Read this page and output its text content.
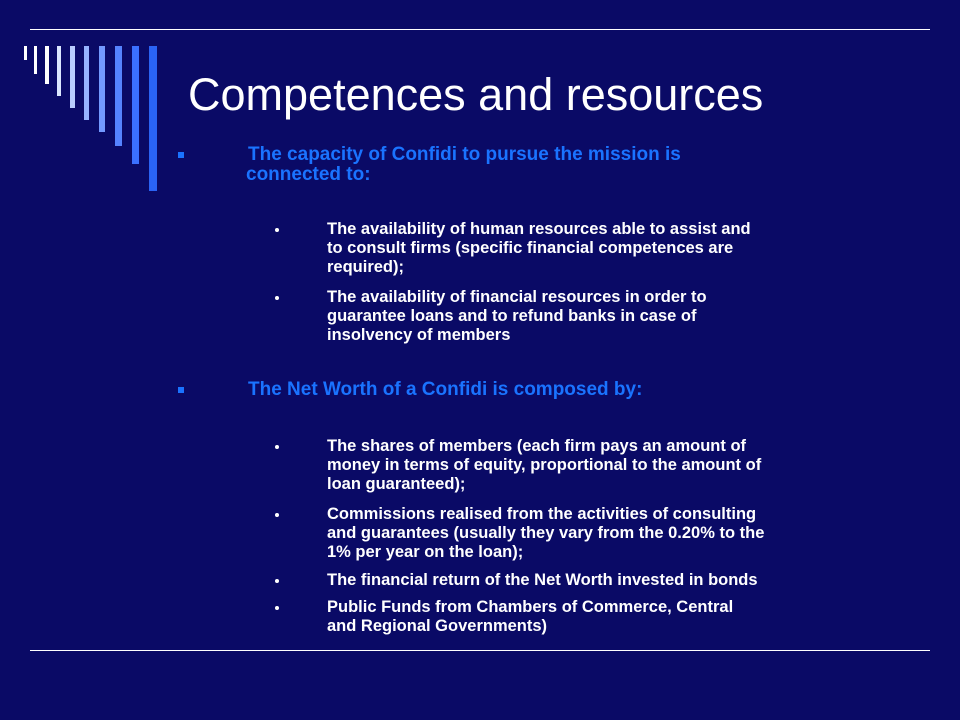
Competences and resources
The capacity of Confidi to pursue the mission is

connected to:
The availability of human resources able to assist and
to consult firms (specific financial competences are
required);
The availability of financial resources in order to
guarantee loans and to refund banks in case of
insolvency of members
The Net Worth of a Confidi is composed by:
The shares of members (each firm pays an amount of
money in terms of equity, proportional to the amount of
loan guaranteed);
Commissions realised from the activities of consulting
and guarantees (usually they vary from the 0.20% to the
1% per year on the loan);
The financial return of the Net Worth invested in bonds
Public Funds from Chambers of Commerce, Central
and Regional Governments)
